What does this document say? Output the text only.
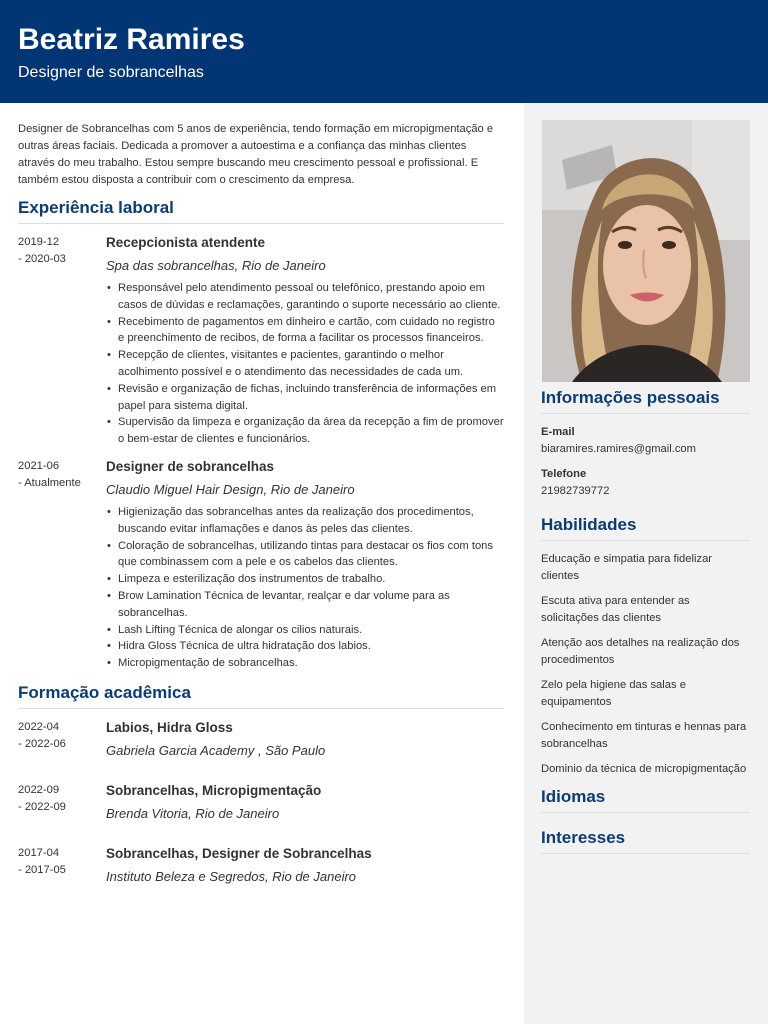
Beatriz Ramires
Designer de sobrancelhas

Designer de Sobrancelhas com 5 anos de experiência, tendo formação em micropigmentação e outras áreas faciais. Dedicada a promover a autoestima e a confiança das minhas clientes através do meu trabalho. Estou sempre buscando meu crescimento pessoal e profissional. E também estou disposta a contribuir com o crescimento da empresa.

Experiência laboral
2019-12
- 2020-03
Recepcionista atendente
Spa das sobrancelhas, Rio de Janeiro
• Responsável pelo atendimento pessoal ou telefônico, prestando apoio em casos de dúvidas e reclamações, garantindo o suporte necessário ao cliente.
• Recebimento de pagamentos em dinheiro e cartão, com cuidado no registro e preenchimento de recibos, de forma a facilitar os processos financeiros.
• Recepção de clientes, visitantes e pacientes, garantindo o melhor acolhimento possível e o atendimento das necessidades de cada um.
• Revisão e organização de fichas, incluindo transferência de informações em papel para sistema digital.
• Supervisão da limpeza e organização da área da recepção a fim de promover o bem-estar de clientes e funcionários.
2021-06
- Atualmente
Designer de sobrancelhas
Claudio Miguel Hair Design, Rio de Janeiro
• Higienização das sobrancelhas antes da realização dos procedimentos, buscando evitar inflamações e danos às peles das clientes.
• Coloração de sobrancelhas, utilizando tintas para destacar os fios com tons que combinassem com a pele e os cabelos das clientes.
• Limpeza e esterilização dos instrumentos de trabalho.
• Brow Lamination Técnica de levantar, realçar e dar volume para as sobrancelhas.
• Lash Lifting Técnica de alongar os cilios naturais.
• Hidra Gloss Técnica de ultra hidratação dos labios.
• Micropigmentação de sobrancelhas.
Formação acadêmica
2022-04
- 2022-06
Labios, Hidra Gloss
Gabriela Garcia Academy , São Paulo
2022-09
- 2022-09
Sobrancelhas, Micropigmentação
Brenda Vitoria, Rio de Janeiro
2017-04
- 2017-05
Sobrancelhas, Designer de Sobrancelhas
Instituto Beleza e Segredos, Rio de Janeiro
Informações pessoais
E-mail
biaramires.ramires@gmail.com
Telefone
21982739772
Habilidades
Educação e simpatia para fidelizar clientes
Escuta ativa para entender as solicitações das clientes
Atenção aos detalhes na realização dos procedimentos
Zelo pela higiene das salas e equipamentos
Conhecimento em tinturas e hennas para sobrancelhas
Dominio da técnica de micropigmentação
Idiomas
Interesses
